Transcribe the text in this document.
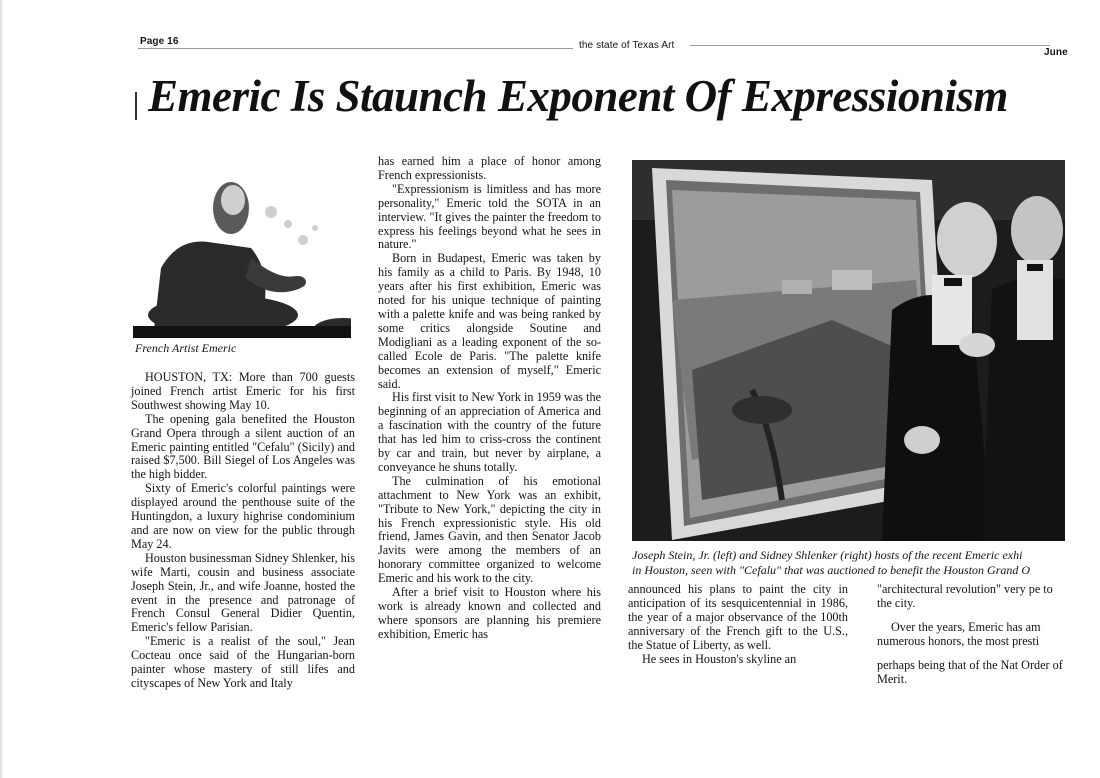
Page 16	the state of Texas Art
June
Emeric Is Staunch Exponent Of Expressionism
French Artist Emeric

HOUSTON, TX: More than 700 guests joined French artist Emeric for his first Southwest showing May 10.

The opening gala benefited the Houston Grand Opera through a silent auction of an Emeric painting entitled "Cefalu" (Sicily) and raised $7,500. Bill Siegel of Los Angeles was the high bidder.

Sixty of Emeric's colorful paintings were displayed around the penthouse suite of the Huntingdon, a luxury highrise condominium and are now on view for the public through May 24.

Houston businessman Sidney Shlenker, his wife Marti, cousin and business associate Joseph Stein, Jr., and wife Joanne, hosted the event in the presence and patronage of French Consul General Didier Quentin, Emeric's fellow Parisian.

"Emeric is a realist of the soul," Jean Cocteau once said of the Hungarian-born painter whose mastery of still lifes and cityscapes of New York and Italy

has earned him a place of honor among French expressionists.

"Expressionism is limitless and has more personality," Emeric told the SOTA in an interview. "It gives the painter the freedom to express his feelings beyond what he sees in nature."

Born in Budapest, Emeric was taken by his family as a child to Paris. By 1948, 10 years after his first exhibition, Emeric was noted for his unique technique of painting with a palette knife and was being ranked by some critics alongside Soutine and Modigliani as a leading exponent of the so-called Ecole de Paris. "The palette knife becomes an extension of myself," Emeric said.

His first visit to New York in 1959 was the beginning of an appreciation of America and a fascination with the country of the future that has led him to criss-cross the continent by car and train, but never by airplane, a conveyance he shuns totally.

The culmination of his emotional attachment to New York was an exhibit, "Tribute to New York," depicting the city in his French expressionistic style. His old friend, James Gavin, and then Senator Jacob Javits were among the members of an honorary committee organized to welcome Emeric and his work to the city.

After a brief visit to Houston where his work is already known and collected and where sponsors are planning his premiere exhibition, Emeric has

Joseph Stein, Jr. (left) and Sidney Shlenker (right) hosts of the recent Emeric exhi
in Houston, seen with "Cefalu" that was auctioned to benefit the Houston Grand O

announced his plans to paint the city in anticipation of its sesquicentennial in 1986, the year of a major observance of the 100th anniversary of the French gift to the U.S., the Statue of Liberty, as well.

He sees in Houston's skyline an

"architectural revolution" very pe to the city.

Over the years, Emeric has am numerous honors, the most presti

perhaps being that of the Nat Order of Merit.
